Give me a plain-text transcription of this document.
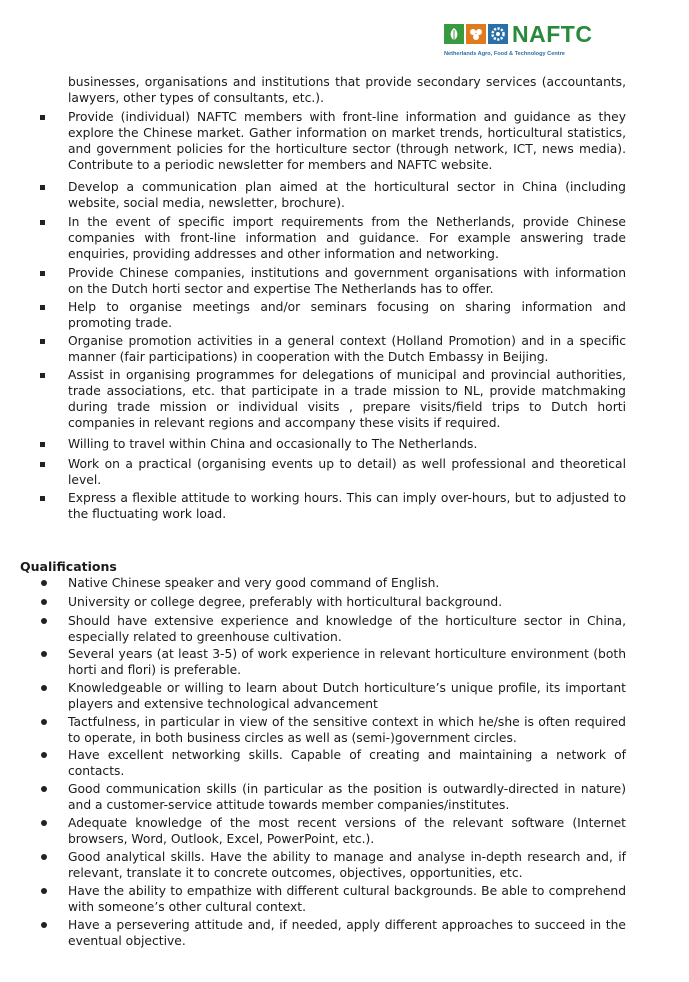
NAFTC
Netherlands Agro, Food & Technology Centre

businesses, organisations and institutions that provide secondary services (accountants, lawyers, other types of consultants, etc.).

Provide (individual) NAFTC members with front-line information and guidance as they explore the Chinese market. Gather information on market trends, horticultural statistics, and government policies for the horticulture sector (through network, ICT, news media). Contribute to a periodic newsletter for members and NAFTC website.

Develop a communication plan aimed at the horticultural sector in China (including website, social media, newsletter, brochure).

In the event of specific import requirements from the Netherlands, provide Chinese companies with front-line information and guidance. For example answering trade enquiries, providing addresses and other information and networking.

Provide Chinese companies, institutions and government organisations with information on the Dutch horti sector and expertise The Netherlands has to offer.

Help to organise meetings and/or seminars focusing on sharing information and promoting trade.

Organise promotion activities in a general context (Holland Promotion) and in a specific manner (fair participations) in cooperation with the Dutch Embassy in Beijing.

Assist in organising programmes for delegations of municipal and provincial authorities, trade associations, etc. that participate in a trade mission to NL, provide matchmaking during trade mission or individual visits , prepare visits/field trips to Dutch horti companies in relevant regions and accompany these visits if required.

Willing to travel within China and occasionally to The Netherlands.

Work on a practical (organising events up to detail) as well professional and theoretical level.

Express a flexible attitude to working hours. This can imply over-hours, but to adjusted to the fluctuating work load.

Qualifications

Native Chinese speaker and very good command of English.

University or college degree, preferably with horticultural background.

Should have extensive experience and knowledge of the horticulture sector in China, especially related to greenhouse cultivation.

Several years (at least 3-5) of work experience in relevant horticulture environment (both horti and flori) is preferable.

Knowledgeable or willing to learn about Dutch horticulture’s unique profile, its important players and extensive technological advancement

Tactfulness, in particular in view of the sensitive context in which he/she is often required to operate, in both business circles as well as (semi-)government circles.

Have excellent networking skills. Capable of creating and maintaining a network of contacts.

Good communication skills (in particular as the position is outwardly-directed in nature) and a customer-service attitude towards member companies/institutes.

Adequate knowledge of the most recent versions of the relevant software (Internet browsers, Word, Outlook, Excel, PowerPoint, etc.).

Good analytical skills. Have the ability to manage and analyse in-depth research and, if relevant, translate it to concrete outcomes, objectives, opportunities, etc.

Have the ability to empathize with different cultural backgrounds. Be able to comprehend with someone’s other cultural context.

Have a persevering attitude and, if needed, apply different approaches to succeed in the eventual objective.
